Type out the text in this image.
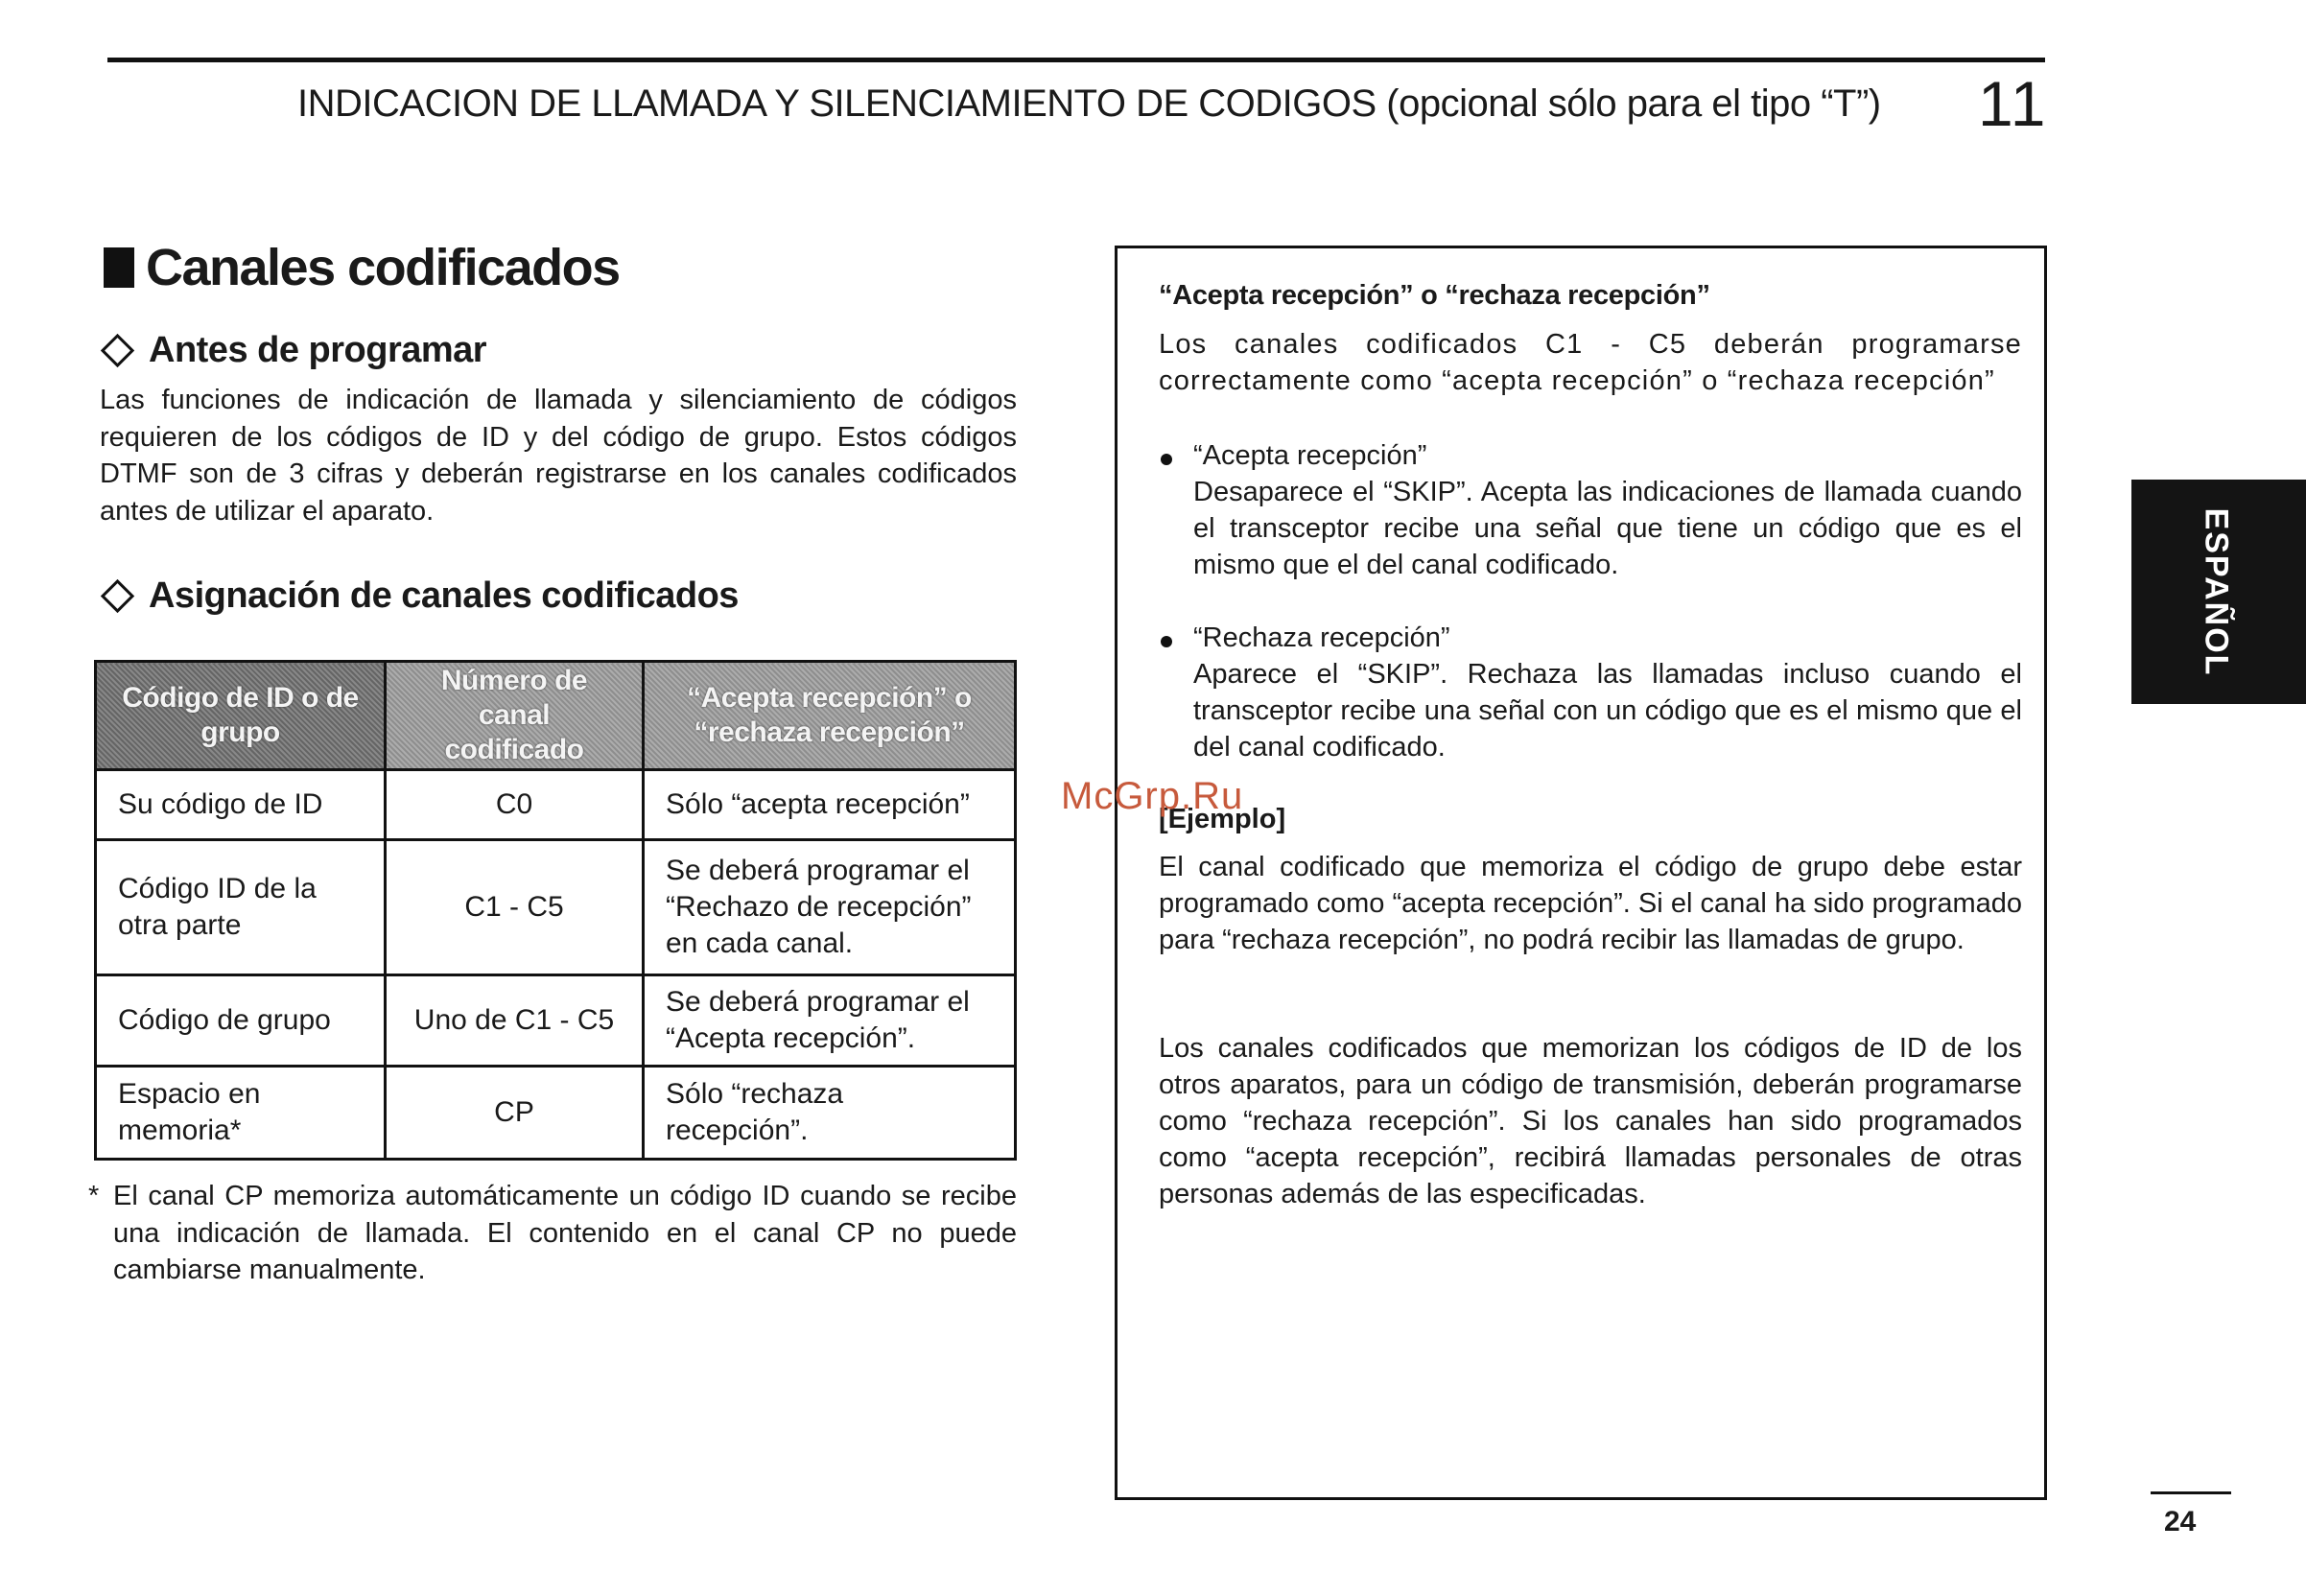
INDICACION DE LLAMADA Y SILENCIAMIENTO DE CODIGOS (opcional sólo para el tipo “T”) 11
Canales codificados
Antes de programar
Las funciones de indicación de llamada y silenciamiento de códigos requieren de los códigos de ID y del código de grupo. Estos códigos DTMF son de 3 cifras y deberán registrarse en los canales codificados antes de utilizar el aparato.
Asignación de canales codificados
Código de ID o de grupo	Número de canal codificado	“Acepta recepción” o “rechaza recepción”
Su código de ID	C0	Sólo “acepta recepción”
Código ID de la otra parte	C1 - C5	Se deberá programar el “Rechazo de recepción” en cada canal.
Código de grupo	Uno de C1 - C5	Se deberá programar el “Acepta recepción”.
Espacio en memoria*	CP	Sólo “rechaza recepción”.
* El canal CP memoriza automáticamente un código ID cuando se recibe una indicación de llamada. El contenido en el canal CP no puede cambiarse manualmente.
“Acepta recepción” o “rechaza recepción”
Los canales codificados C1 - C5 deberán programarse correctamente como “acepta recepción” o “rechaza recepción”
“Acepta recepción”
Desaparece el “SKIP”. Acepta las indicaciones de llamada cuando el transceptor recibe una señal que tiene un código que es el mismo que el del canal codificado.
“Rechaza recepción”
Aparece el “SKIP”. Rechaza las llamadas incluso cuando el transceptor recibe una señal con un código que es el mismo que el del canal codificado.
[Ejemplo]
El canal codificado que memoriza el código de grupo debe estar programado como “acepta recepción”. Si el canal ha sido programado para “rechaza recepción”, no podrá recibir las llamadas de grupo.
Los canales codificados que memorizan los códigos de ID de los otros aparatos, para un código de transmisión, deberán programarse como “rechaza recepción”. Si los canales han sido programados como “acepta recepción”, recibirá llamadas personales de otras personas además de las especificadas.
McGrp.Ru
ESPAÑOL
24
